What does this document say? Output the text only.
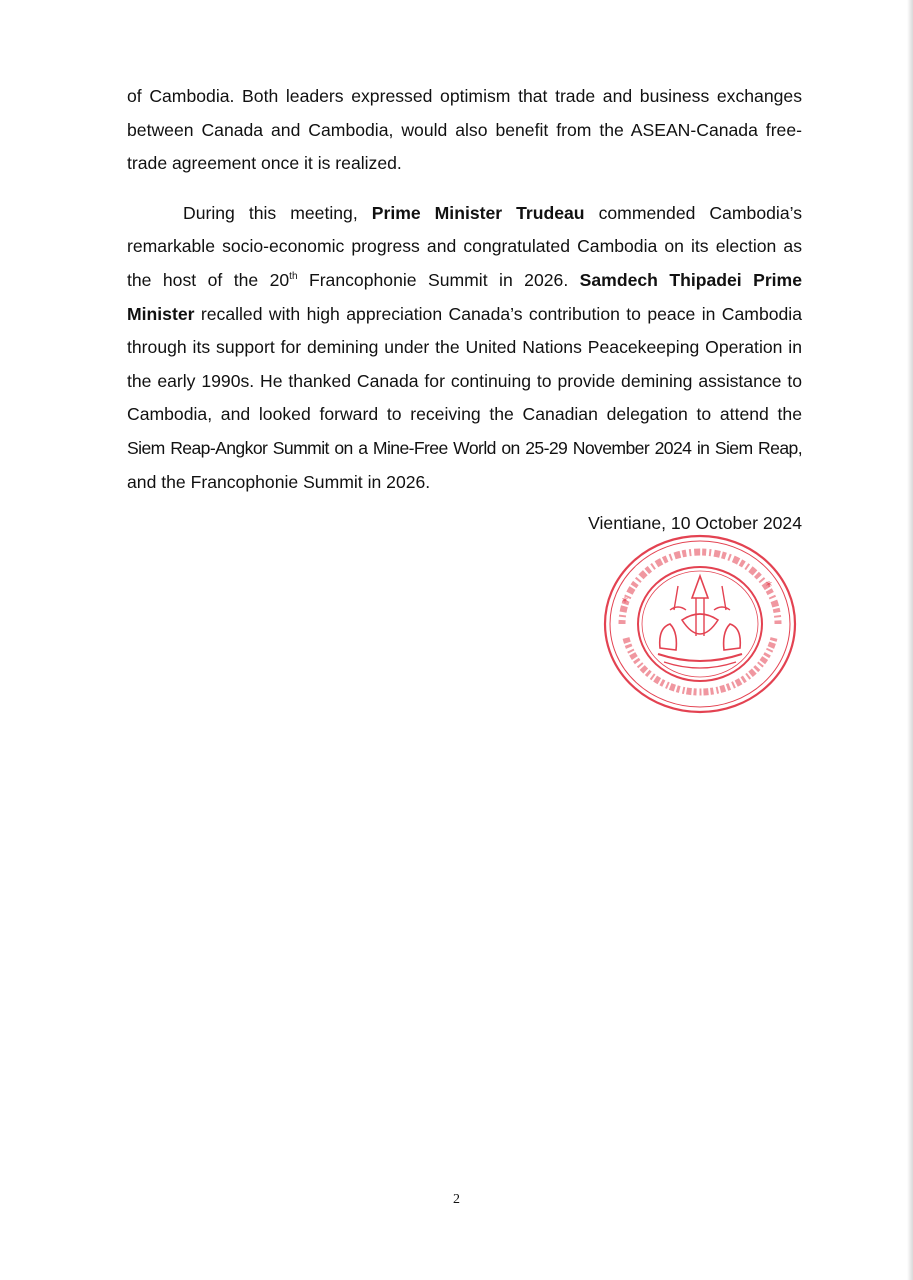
of Cambodia. Both leaders expressed optimism that trade and business exchanges between Canada and Cambodia, would also benefit from the ASEAN-Canada free-trade agreement once it is realized.

During this meeting, Prime Minister Trudeau commended Cambodia’s remarkable socio-economic progress and congratulated Cambodia on its election as the host of the 20th Francophonie Summit in 2026. Samdech Thipadei Prime Minister recalled with high appreciation Canada’s contribution to peace in Cambodia through its support for demining under the United Nations Peacekeeping Operation in the early 1990s. He thanked Canada for continuing to provide demining assistance to Cambodia, and looked forward to receiving the Canadian delegation to attend the Siem Reap-Angkor Summit on a Mine-Free World on 25-29 November 2024 in Siem Reap, and the Francophonie Summit in 2026.

Vientiane, 10 October 2024
*
*
2
